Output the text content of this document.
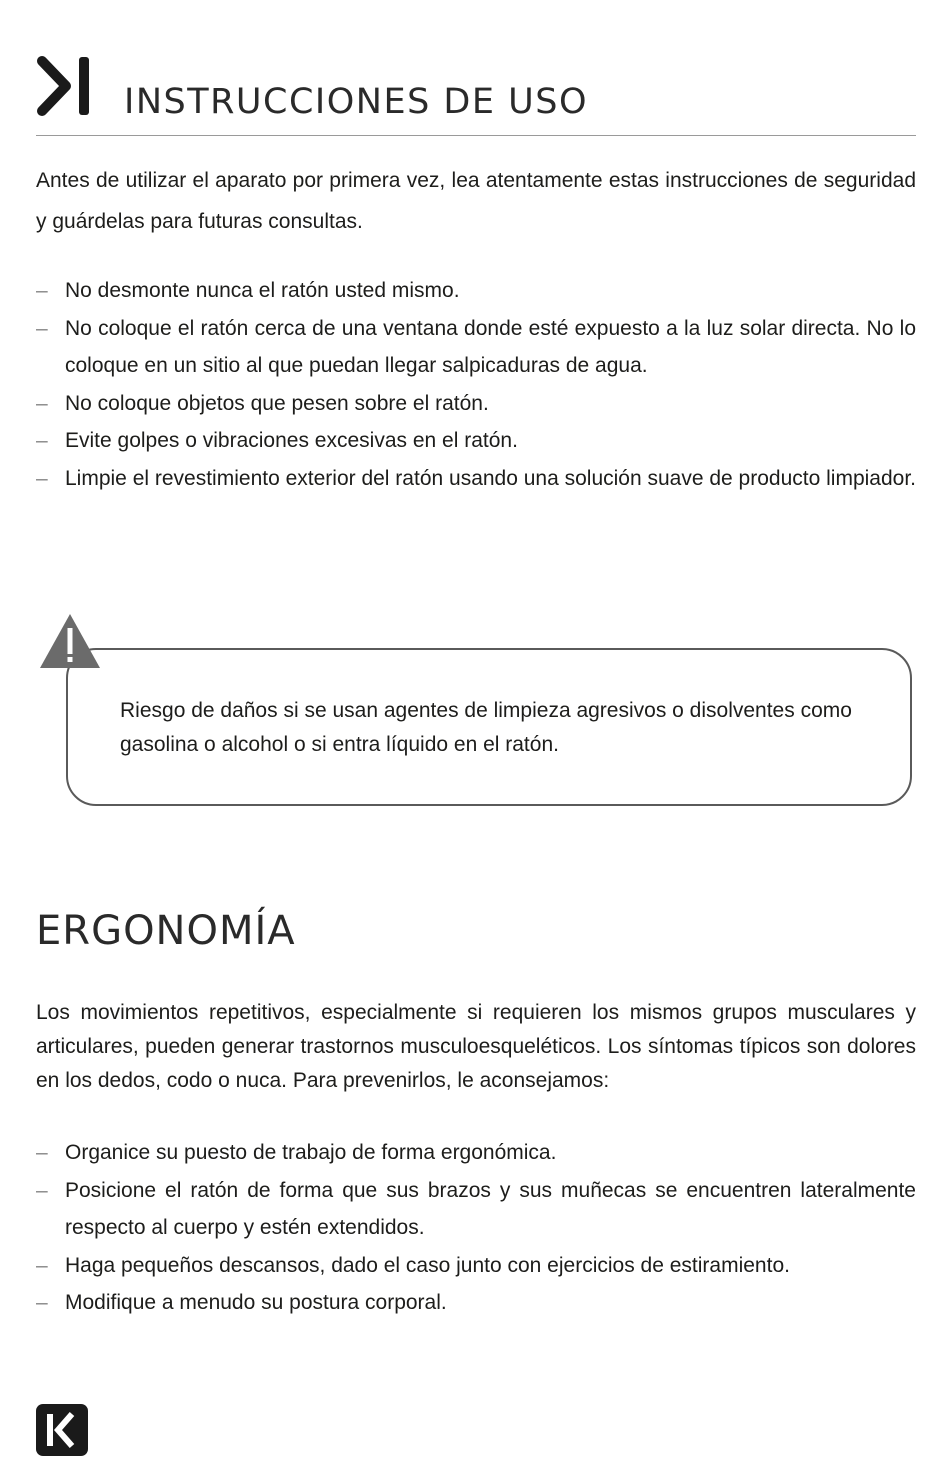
INSTRUCCIONES DE USO

Antes de utilizar el aparato por primera vez, lea atentamente estas instrucciones de seguridad y guárdelas para futuras consultas.

– No desmonte nunca el ratón usted mismo.
– No coloque el ratón cerca de una ventana donde esté expuesto a la luz solar directa. No lo coloque en un sitio al que puedan llegar salpicaduras de agua.
– No coloque objetos que pesen sobre el ratón.
– Evite golpes o vibraciones excesivas en el ratón.
– Limpie el revestimiento exterior del ratón usando una solución suave de producto limpiador.

Riesgo de daños si se usan agentes de limpieza agresivos o disolventes como gasolina o alcohol o si entra líquido en el ratón.

ERGONOMÍA

Los movimientos repetitivos, especialmente si requieren los mismos grupos musculares y articulares, pueden generar trastornos musculoesqueléticos. Los síntomas típicos son dolores en los dedos, codo o nuca. Para prevenirlos, le aconsejamos:

– Organice su puesto de trabajo de forma ergonómica.
– Posicione el ratón de forma que sus brazos y sus muñecas se encuentren lateralmente respecto al cuerpo y estén extendidos.
– Haga pequeños descansos, dado el caso junto con ejercicios de estiramiento.
– Modifique a menudo su postura corporal.
